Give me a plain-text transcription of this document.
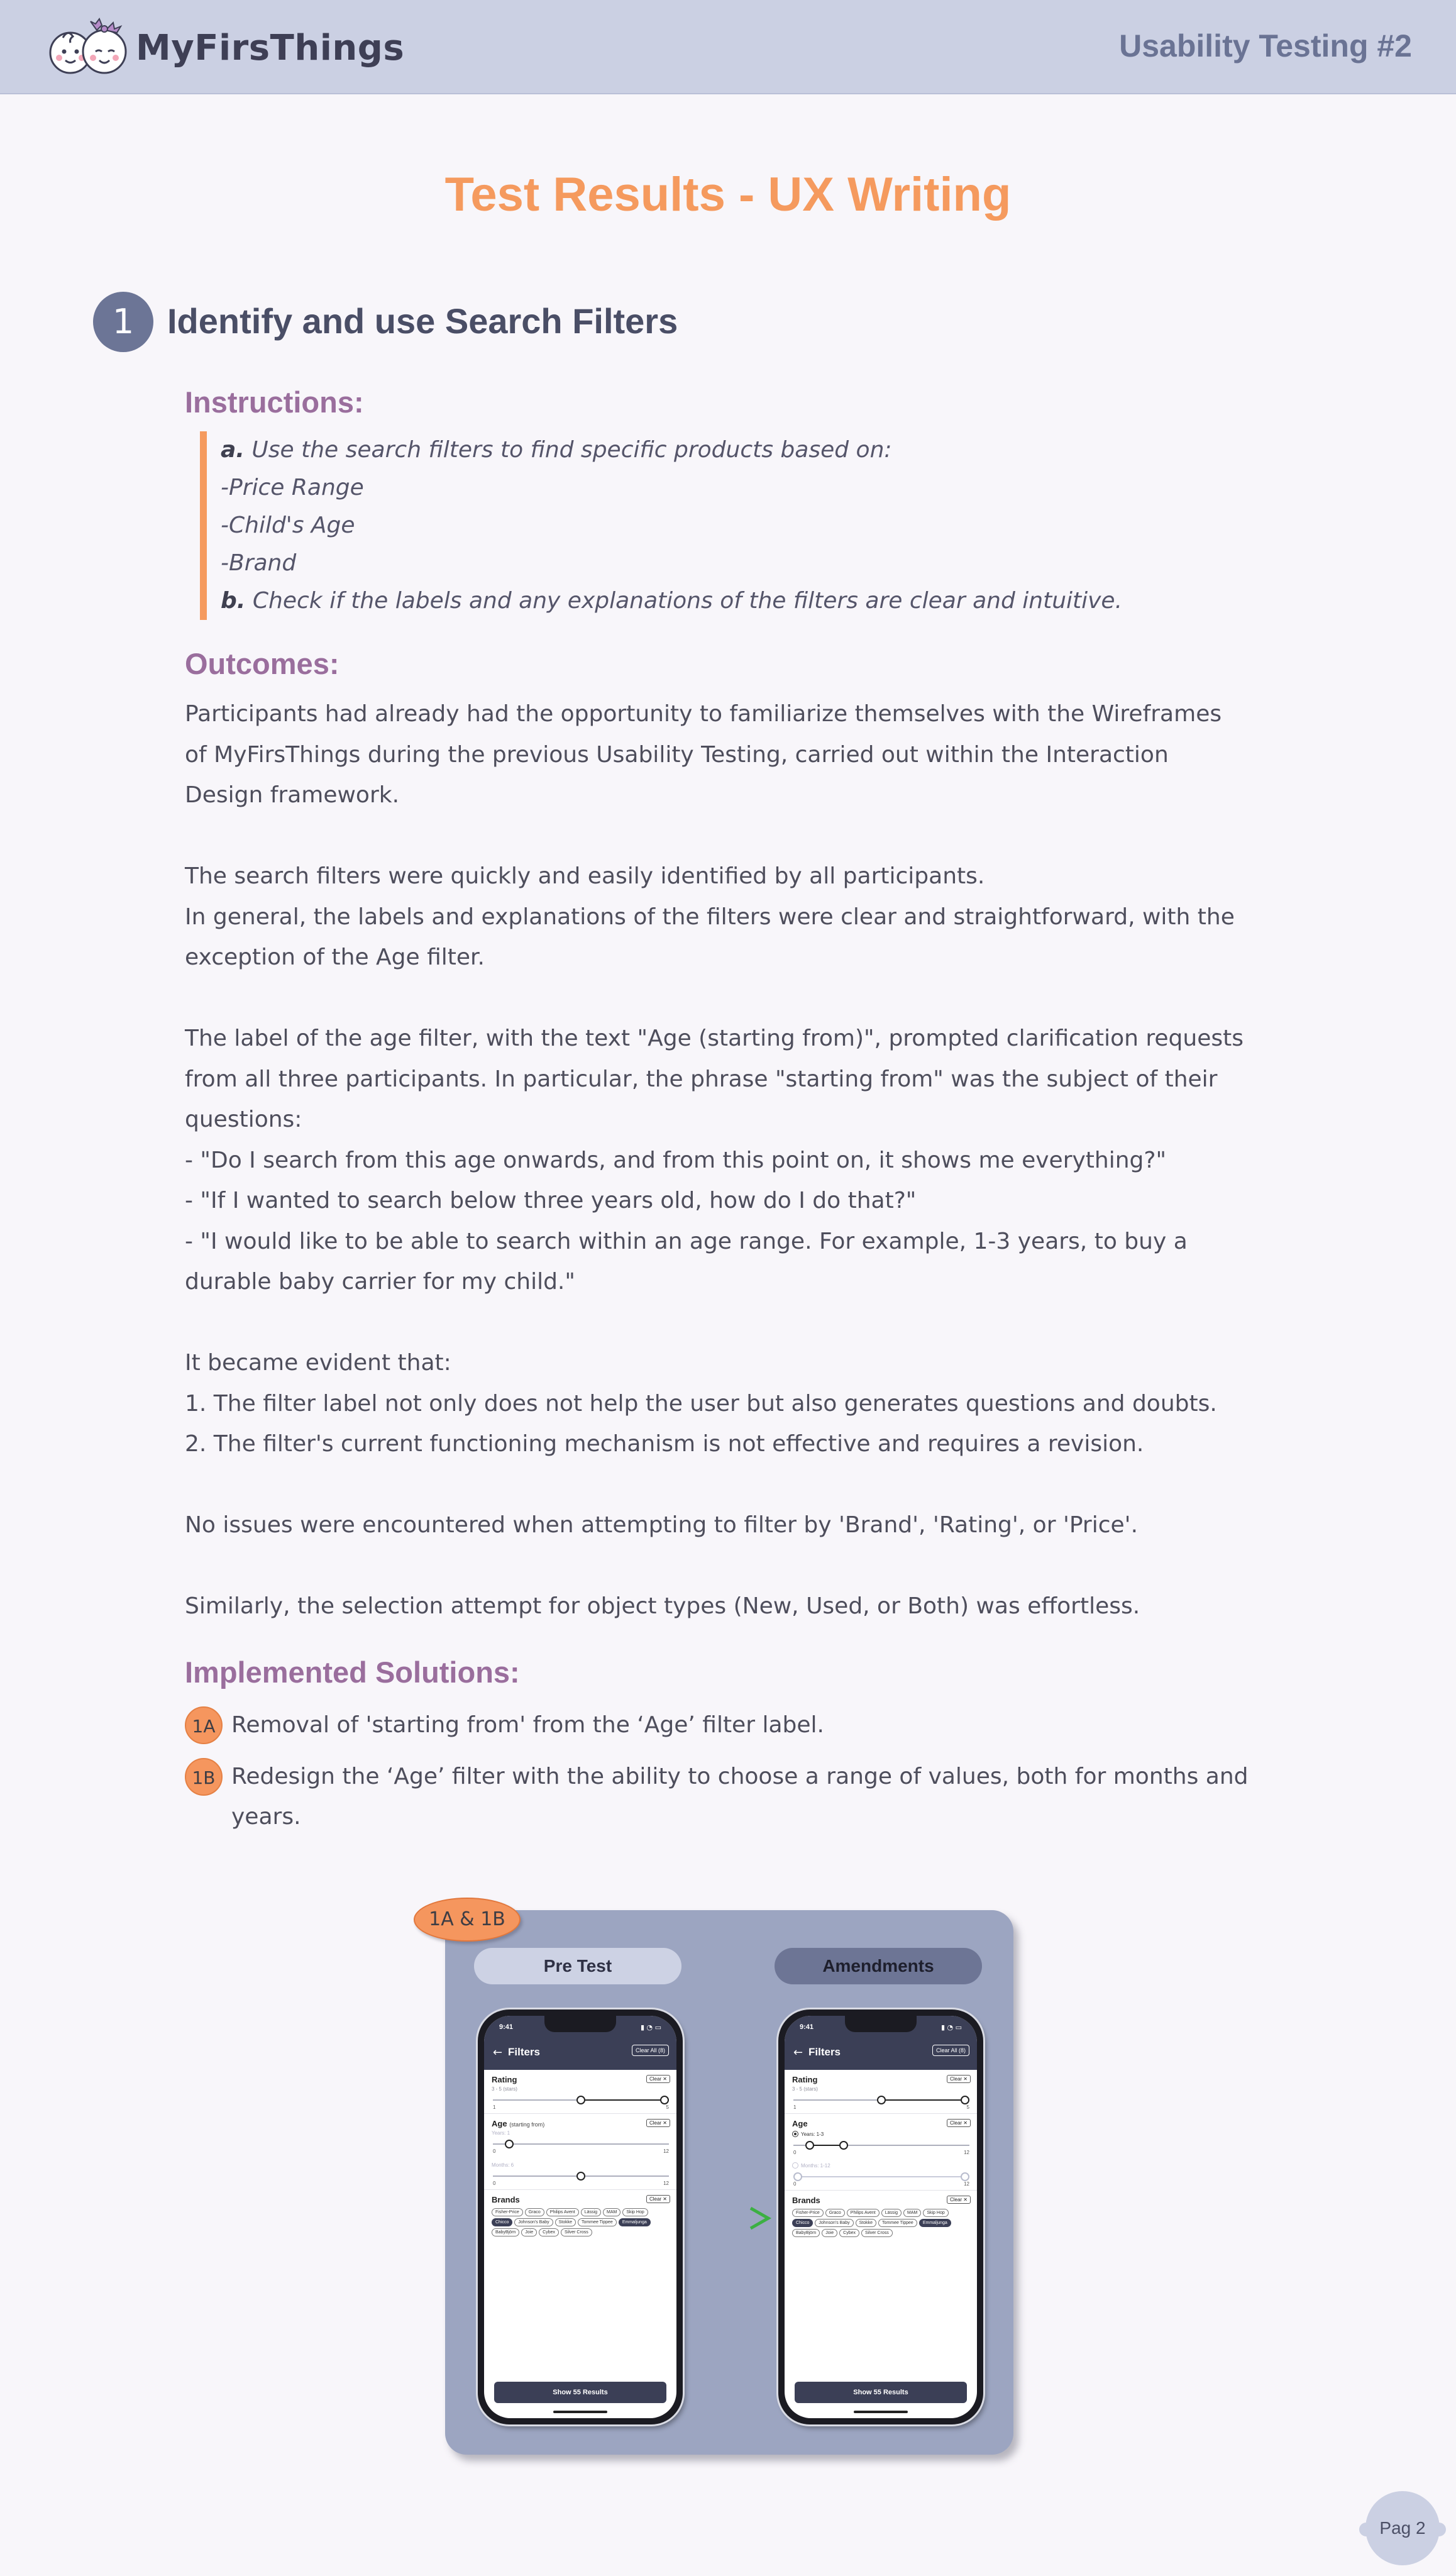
MyFirsThings	Usability Testing #2
Test Results - UX Writing
1 Identify and use Search Filters
Instructions:
a. Use the search filters to find specific products based on:
-Price Range
-Child's Age
-Brand
b. Check if the labels and any explanations of the filters are clear and intuitive.
Outcomes:

Participants had already had the opportunity to familiarize themselves with the Wireframes

of MyFirsThings during the previous Usability Testing, carried out within the Interaction

Design framework.

The search filters were quickly and easily identified by all participants.

In general, the labels and explanations of the filters were clear and straightforward, with the

exception of the Age filter.

The label of the age filter, with the text "Age (starting from)", prompted clarification requests

from all three participants. In particular, the phrase "starting from" was the subject of their

questions:

- "Do I search from this age onwards, and from this point on, it shows me everything?"

- "If I wanted to search below three years old, how do I do that?"

- "I would like to be able to search within an age range. For example, 1-3 years, to buy a

durable baby carrier for my child."

It became evident that:

1. The filter label not only does not help the user but also generates questions and doubts.

2. The filter's current functioning mechanism is not effective and requires a revision.

No issues were encountered when attempting to filter by 'Brand', 'Rating', or 'Price'.

Similarly, the selection attempt for object types (New, Used, or Both) was effortless.

Implemented Solutions:
1A Removal of 'starting from' from the ‘Age’ filter label.
1B Redesign the ‘Age’ filter with the ability to choose a range of values, both for months and
years.
1A & 1B
Pre Test	Amendments
9:41	▮ ◔ ▭
← Filters	Clear All (8)
Rating	Clear ✕
3 - 5 (stars)
1	5
Age (starting from)	Clear ✕
Years: 1
0	12
Months: 6
0	12
Brands	Clear ✕
Fisher-Price	Graco	Philips Avent	Lässig	MAM	Skip Hop
Chicco	Johnson's Baby	Stokke	Tommee Tippee	Emmaljunga
BabyBjörn	Joie	Cybex	Silver Cross
Show 55 Results
9:41	▮ ◔ ▭
← Filters	Clear All (8)
Rating	Clear ✕
3 - 5 (stars)
1	5
Age	Clear ✕
Years: 1-3
0	12
Months: 1-12
0	12
Brands	Clear ✕
Fisher-Price	Graco	Philips Avent	Lässig	MAM	Skip Hop
Chicco	Johnson's Baby	Stokke	Tommee Tippee	Emmaljunga
BabyBjörn	Joie	Cybex	Silver Cross
Show 55 Results
Pag 2
